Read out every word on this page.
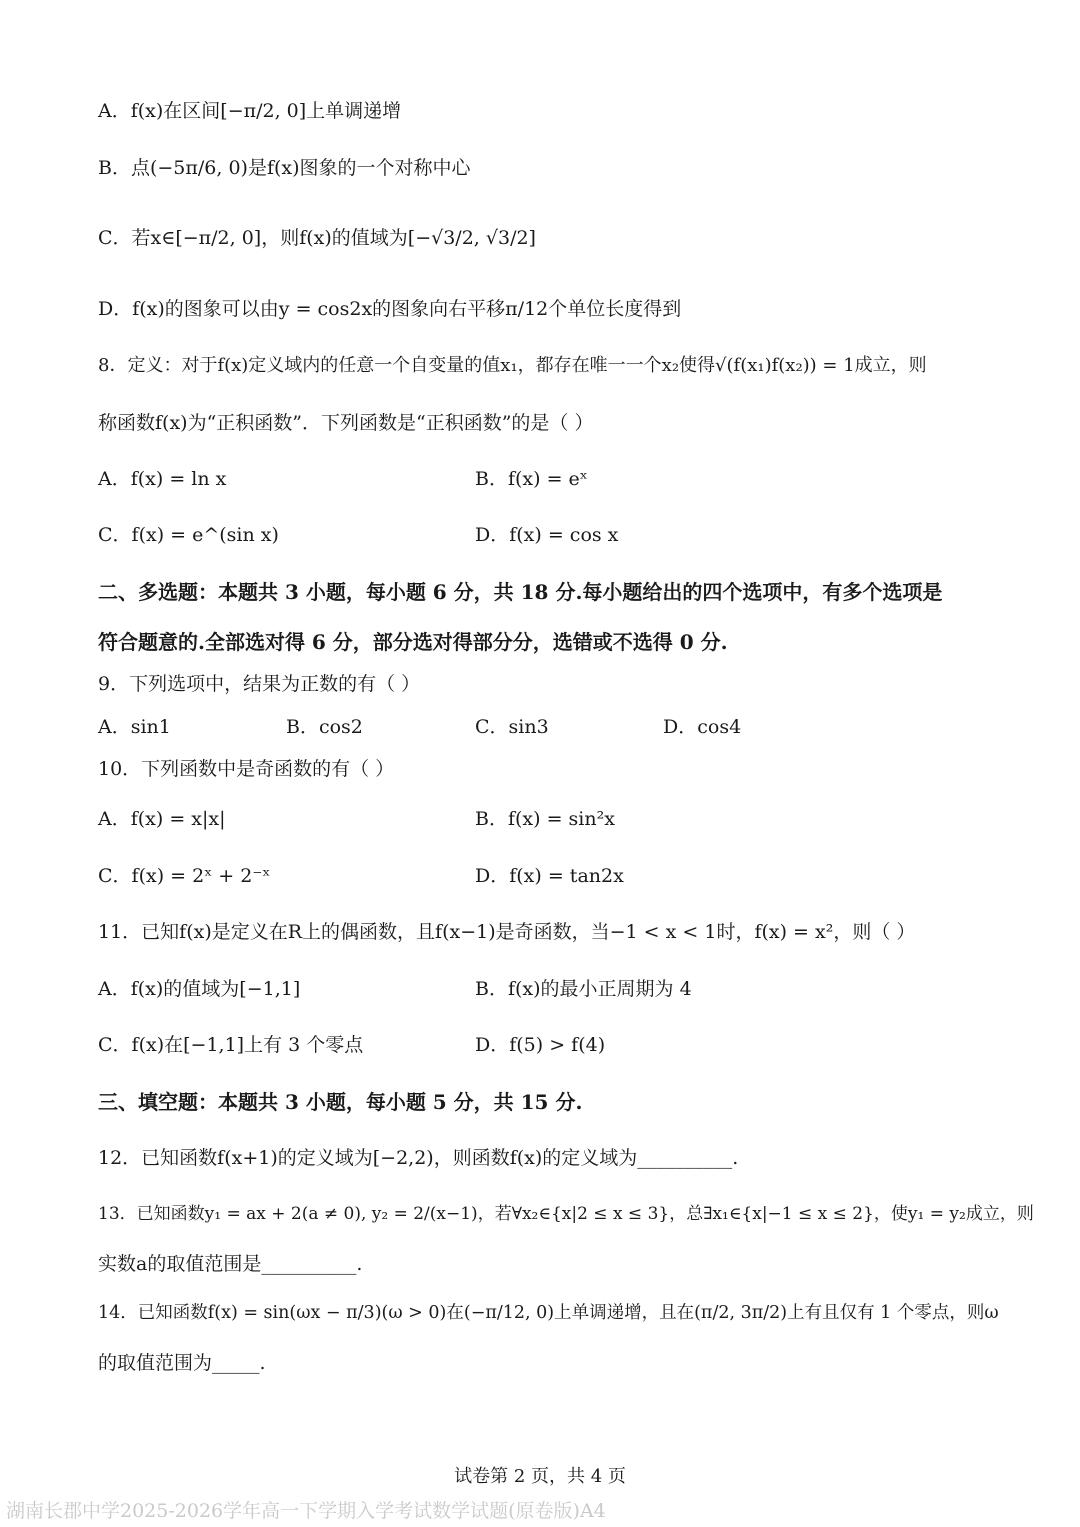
A．f(x)在区间[−π/2, 0]上单调递增
B．点(−5π/6, 0)是f(x)图象的一个对称中心
C．若x∈[−π/2, 0]，则f(x)的值域为[−√3/2, √3/2]
D．f(x)的图象可以由y = cos2x的图象向右平移π/12个单位长度得到
8．定义：对于f(x)定义域内的任意一个自变量的值x₁，都存在唯一一个x₂使得√(f(x₁)f(x₂)) = 1成立，则
称函数f(x)为“正积函数”．下列函数是“正积函数”的是（ ）
A．f(x) = ln x	B．f(x) = eˣ
C．f(x) = e^(sin x)	D．f(x) = cos x
二、多选题：本题共 3 小题，每小题 6 分，共 18 分.每小题给出的四个选项中，有多个选项是
符合题意的.全部选对得 6 分，部分选对得部分分，选错或不选得 0 分.
9．下列选项中，结果为正数的有（ ）
A．sin1	B．cos2	C．sin3	D．cos4
10．下列函数中是奇函数的有（ ）
A．f(x) = x|x|	B．f(x) = sin²x
C．f(x) = 2ˣ + 2⁻ˣ	D．f(x) = tan2x
11．已知f(x)是定义在R上的偶函数，且f(x−1)是奇函数，当−1 < x < 1时，f(x) = x²，则（ ）
A．f(x)的值域为[−1,1]	B．f(x)的最小正周期为 4
C．f(x)在[−1,1]上有 3 个零点	D．f(5) > f(4)
三、填空题：本题共 3 小题，每小题 5 分，共 15 分.
12．已知函数f(x+1)的定义域为[−2,2)，则函数f(x)的定义域为__________.
13．已知函数y₁ = ax + 2(a ≠ 0), y₂ = 2/(x−1)，若∀x₂∈{x|2 ≤ x ≤ 3}，总∃x₁∈{x|−1 ≤ x ≤ 2}，使y₁ = y₂成立，则
实数a的取值范围是__________.
14．已知函数f(x) = sin(ωx − π/3)(ω > 0)在(−π/12, 0)上单调递增，且在(π/2, 3π/2)上有且仅有 1 个零点，则ω
的取值范围为_____.
试卷第 2 页，共 4 页
湖南长郡中学2025-2026学年高一下学期入学考试数学试题(原卷版)A4
